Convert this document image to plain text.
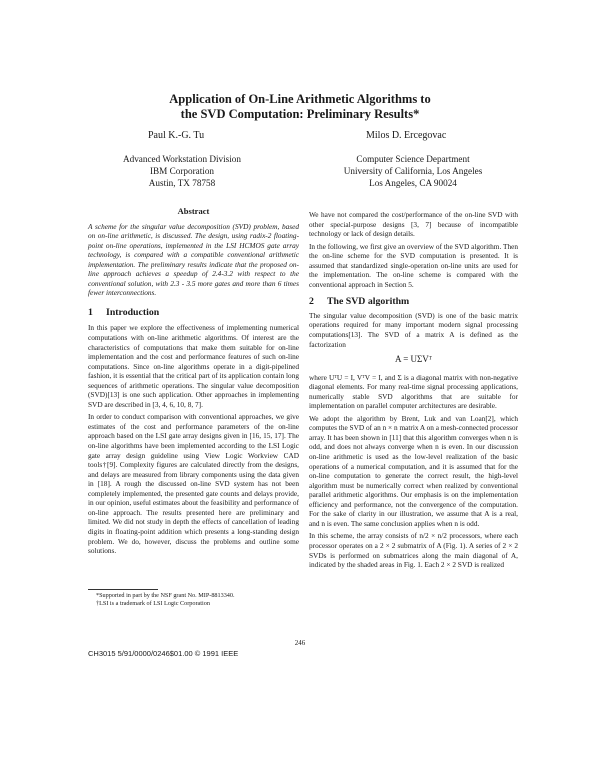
Application of On-Line Arithmetic Algorithms to
the SVD Computation: Preliminary Results*
Paul K.-G. Tu	Milos D. Ercegovac
Advanced Workstation Division
IBM Corporation
Austin, TX 78758
Computer Science Department
University of California, Los Angeles
Los Angeles, CA 90024
Abstract

A scheme for the singular value decomposition (SVD) problem, based on on-line arithmetic, is discussed. The design, using radix-2 floating-point on-line operations, implemented in the LSI HCMOS gate array technology, is compared with a compatible conventional arithmetic implementation. The preliminary results indicate that the proposed on-line approach achieves a speedup of 2.4-3.2 with respect to the conventional solution, with 2.3 - 3.5 more gates and more than 6 times fewer interconnections.

1 Introduction

In this paper we explore the effectiveness of implementing numerical computations with on-line arithmetic algorithms. Of interest are the characteristics of computations that make them suitable for on-line implementation and the cost and performance features of such on-line computations. Since on-line algorithms operate in a digit-pipelined fashion, it is essential that the critical part of its application contain long sequences of arithmetic operations. The singular value decomposition (SVD)[13] is one such application. Other approaches in implementing SVD are described in [3, 4, 6, 10, 8, 7].

In order to conduct comparison with conventional approaches, we give estimates of the cost and performance parameters of the on-line approach based on the LSI gate array designs given in [16, 15, 17]. The on-line algorithms have been implemented according to the LSI Logic gate array design guideline using View Logic Workview CAD tools†[9]. Complexity figures are calculated directly from the designs, and delays are measured from library components using the data given in [18]. A rough the discussed on-line SVD system has not been completely implemented, the presented gate counts and delays provide, in our opinion, useful estimates about the feasibility and performance of on-line approach. The results presented here are preliminary and limited. We did not study in depth the effects of cancellation of leading digits in floating-point addition which presents a long-standing design problem. We do, however, discuss the problems and outline some solutions.

*Supported in part by the NSF grant No. MIP-8813340.
†LSI is a trademark of LSI Logic Corporation

We have not compared the cost/performance of the on-line SVD with other special-purpose designs [3, 7] because of incompatible technology or lack of design details.

In the following, we first give an overview of the SVD algorithm. Then the on-line scheme for the SVD computation is presented. It is assumed that standardized single-operation on-line units are used for the implementation. The on-line scheme is compared with the conventional approach in Section 5.

2 The SVD algorithm

The singular value decomposition (SVD) is one of the basic matrix operations required for many important modern signal processing computations[13]. The SVD of a matrix A is defined as the factorization

A = UΣVᵀ

where UᵀU = I, VᵀV = I, and Σ is a diagonal matrix with non-negative diagonal elements. For many real-time signal processing applications, numerically stable SVD algorithms that are suitable for implementation on parallel computer architectures are desirable.

We adopt the algorithm by Brent, Luk and van Loan[2], which computes the SVD of an n × n matrix A on a mesh-connected processor array. It has been shown in [11] that this algorithm converges when n is odd, and does not always converge when n is even. In our discussion on-line arithmetic is used as the low-level realization of the basic operations of a numerical computation, and it is assumed that for the on-line computation to generate the correct result, the high-level algorithm must be numerically correct when realized by conventional parallel arithmetic algorithms. Our emphasis is on the implementation efficiency and performance, not the convergence of the computation. For the sake of clarity in our illustration, we assume that A is a real, and n is even. The same conclusion applies when n is odd.

In this scheme, the array consists of n/2 × n/2 processors, where each processor operates on a 2 × 2 submatrix of A (Fig. 1). A series of 2 × 2 SVDs is performed on submatrices along the main diagonal of A, indicated by the shaded areas in Fig. 1. Each 2 × 2 SVD is realized

246
CH3015 5/91/0000/0246$01.00 © 1991 IEEE
